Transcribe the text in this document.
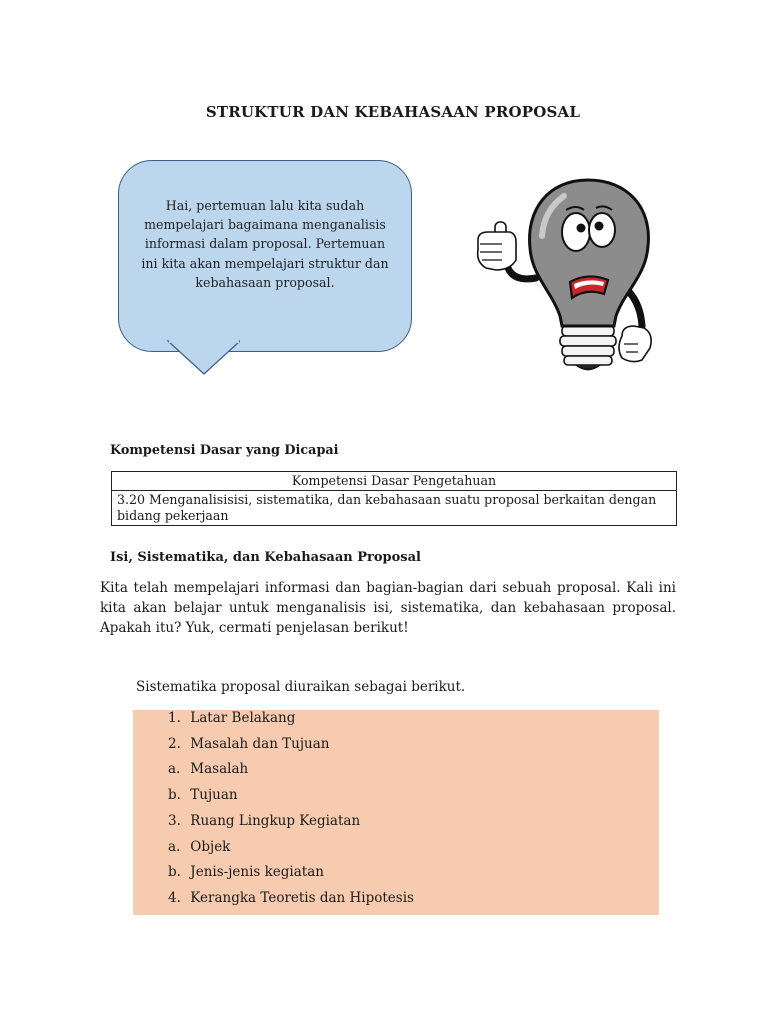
STRUKTUR DAN KEBAHASAAN PROPOSAL
Hai, pertemuan lalu kita sudah mempelajari bagaimana menganalisis informasi dalam proposal. Pertemuan ini kita akan mempelajari struktur dan kebahasaan proposal.
Kompetensi Dasar yang Dicapai
Kompetensi Dasar Pengetahuan
3.20 Menganalisisisi, sistematika, dan kebahasaan suatu proposal berkaitan dengan bidang pekerjaan
Isi, Sistematika, dan Kebahasaan Proposal
Kita telah mempelajari informasi dan bagian-bagian dari sebuah proposal. Kali ini kita akan belajar untuk menganalisis isi, sistematika, dan kebahasaan proposal. Apakah itu? Yuk, cermati penjelasan berikut!
Sistematika proposal diuraikan sebagai berikut.
1. Latar Belakang
2. Masalah dan Tujuan
a. Masalah
b. Tujuan
3. Ruang Lingkup Kegiatan
a. Objek
b. Jenis-jenis kegiatan
4. Kerangka Teoretis dan Hipotesis
